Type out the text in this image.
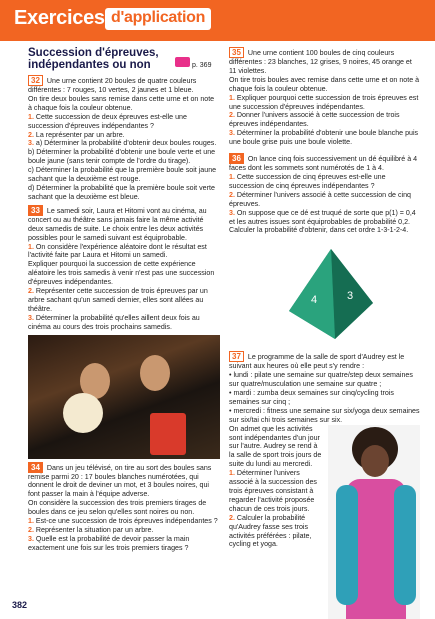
Exercices d'application
Succession d'épreuves,
indépendantes ou non	p. 369
32 Une urne contient 20 boules de quatre couleurs différentes : 7 rouges, 10 vertes, 2 jaunes et 1 bleue.
On tire deux boules sans remise dans cette urne et on note à chaque fois la couleur obtenue.
1. Cette succession de deux épreuves est-elle une succession d'épreuves indépendantes ?
2. La représenter par un arbre.
3. a) Déterminer la probabilité d'obtenir deux boules rouges.
b) Déterminer la probabilité d'obtenir une boule verte et une boule jaune (sans tenir compte de l'ordre du tirage).
c) Déterminer la probabilité que la première boule soit jaune sachant que la deuxième est rouge.
d) Déterminer la probabilité que la première boule soit verte sachant que la deuxième est bleue.
33 Le samedi soir, Laura et Hitomi vont au cinéma, au concert ou au théâtre sans jamais faire la même activité deux samedis de suite. Le choix entre les deux activités possibles pour le samedi suivant est équiprobable.
1. On considère l'expérience aléatoire dont le résultat est l'activité faite par Laura et Hitomi un samedi.
Expliquer pourquoi la succession de cette expérience aléatoire les trois samedis à venir n'est pas une succession d'épreuves indépendantes.
2. Représenter cette succession de trois épreuves par un arbre sachant qu'un samedi dernier, elles sont allées au théâtre.
3. Déterminer la probabilité qu'elles aillent deux fois au cinéma au cours des trois prochains samedis.
34 Dans un jeu télévisé, on tire au sort des boules sans remise parmi 20 : 17 boules blanches numérotées, qui donnent le droit de deviner un mot, et 3 boules noires, qui font passer la main à l'équipe adverse.
On considère la succession des trois premiers tirages de boules dans ce jeu selon qu'elles sont noires ou non.
1. Est-ce une succession de trois épreuves indépendantes ?
2. Représenter la situation par un arbre.
3. Quelle est la probabilité de devoir passer la main exactement une fois sur les trois premiers tirages ?
35 Une urne contient 100 boules de cinq couleurs différentes : 23 blanches, 12 grises, 9 noires, 45 orange et 11 violettes.
On tire trois boules avec remise dans cette urne et on note à chaque fois la couleur obtenue.
1. Expliquer pourquoi cette succession de trois épreuves est une succession d'épreuves indépendantes.
2. Donner l'univers associé à cette succession de trois épreuves indépendantes.
3. Déterminer la probabilité d'obtenir une boule blanche puis une boule grise puis une boule violette.
36 On lance cinq fois successivement un dé équilibré à 4 faces dont les sommets sont numérotés de 1 à 4.
1. Cette succession de cinq épreuves est-elle une succession de cinq épreuves indépendantes ?
2. Déterminer l'univers associé à cette succession de cinq épreuves.
3. On suppose que ce dé est truqué de sorte que p(1) = 0,4 et les autres issues sont équiprobables de probabilité 0,2. Calculer la probabilité d'obtenir, dans cet ordre 1-3-1-2-4.
4	3
37 Le programme de la salle de sport d'Audrey est le suivant aux heures où elle peut s'y rendre :
• lundi : pilate une semaine sur quatre/step deux semaines sur quatre/musculation une semaine sur quatre ;
• mardi : zumba deux semaines sur cinq/cycling trois semaines sur cinq ;
• mercredi : fitness une semaine sur six/yoga deux semaines sur six/tai chi trois semaines sur six.

On admet que les activités sont indépendantes d'un jour sur l'autre. Audrey se rend à la salle de sport trois jours de suite du lundi au mercredi.
1. Déterminer l'univers associé à la succession des trois épreuves consistant à regarder l'activité proposée chacun de ces trois jours.
2. Calculer la probabilité qu'Audrey fasse ses trois activités préférées : pilate, cycling et yoga.
382
